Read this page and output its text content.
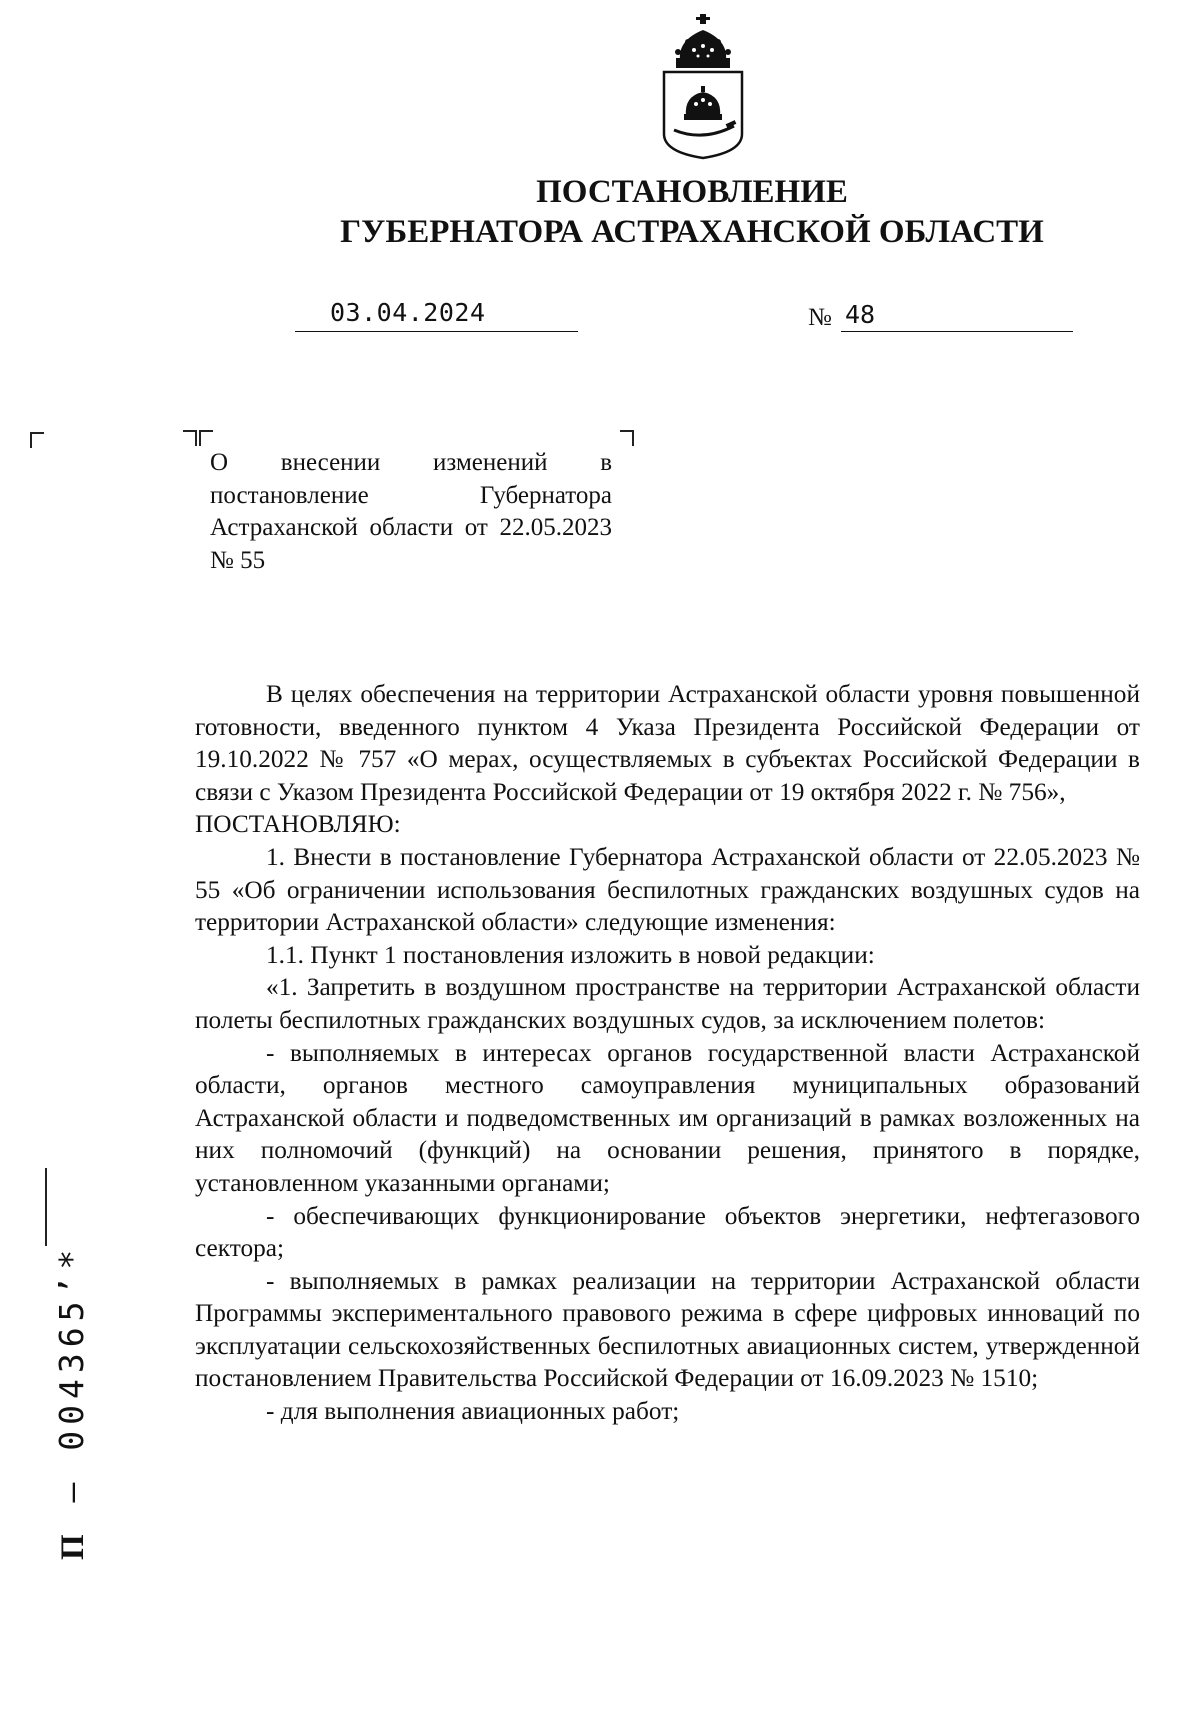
ПОСТАНОВЛЕНИЕ
ГУБЕРНАТОРА АСТРАХАНСКОЙ ОБЛАСТИ
03.04.2024	№ 48
О внесении изменений в постановление Губернатора Астраханской области от 22.05.2023 № 55

В целях обеспечения на территории Астраханской области уровня повышенной готовности, введенного пунктом 4 Указа Президента Российской Федерации от 19.10.2022 № 757 «О мерах, осуществляемых в субъектах Российской Федерации в связи с Указом Президента Российской Федерации от 19 октября 2022 г. № 756»,

ПОСТАНОВЛЯЮ:

1. Внести в постановление Губернатора Астраханской области от 22.05.2023 № 55 «Об ограничении использования беспилотных гражданских воздушных судов на территории Астраханской области» следующие изменения:

1.1. Пункт 1 постановления изложить в новой редакции:

«1. Запретить в воздушном пространстве на территории Астраханской области полеты беспилотных гражданских воздушных судов, за исключением полетов:

- выполняемых в интересах органов государственной власти Астраханской области, органов местного самоуправления муниципальных образований Астраханской области и подведомственных им организаций в рамках возложенных на них полномочий (функций) на основании решения, принятого в порядке, установленном указанными органами;

- обеспечивающих функционирование объектов энергетики, нефтегазового сектора;

- выполняемых в рамках реализации на территории Астраханской области Программы экспериментального правового режима в сфере цифровых инноваций по эксплуатации сельскохозяйственных беспилотных авиационных систем, утвержденной постановлением Правительства Российской Федерации от 16.09.2023 № 1510;

- для выполнения авиационных работ;

П – 004365’*
